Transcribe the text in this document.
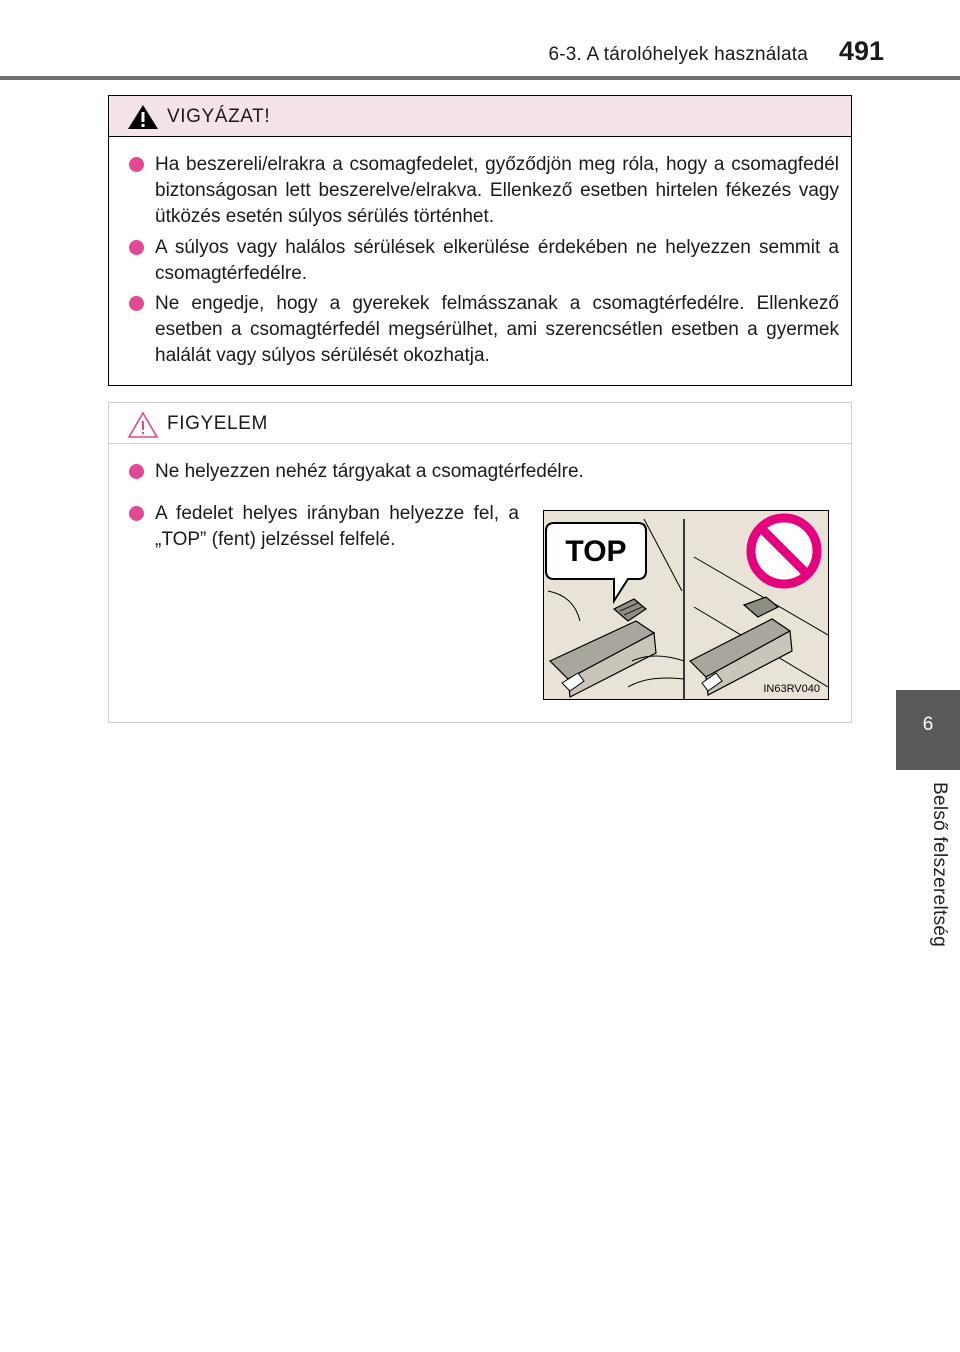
6-3. A tárolóhelyek használata 491
6
Belső felszereltség
VIGYÁZAT!
Ha beszereli/elrakra a csomagfedelet, győződjön meg róla, hogy a csomagfedél biztonságosan lett beszerelve/elrakva. Ellenkező esetben hirtelen fékezés vagy ütközés esetén súlyos sérülés történhet.
A súlyos vagy halálos sérülések elkerülése érdekében ne helyezzen semmit a csomagtérfedélre.
Ne engedje, hogy a gyerekek felmásszanak a csomagtérfedélre. Ellenkező esetben a csomagtérfedél megsérülhet, ami szerencsétlen esetben a gyermek halálát vagy súlyos sérülését okozhatja.
FIGYELEM
Ne helyezzen nehéz tárgyakat a csomagtérfedélre.
A fedelet helyes irányban helyezze fel, a „TOP” (fent) jelzéssel felfelé.	TOP
IN63RV040
